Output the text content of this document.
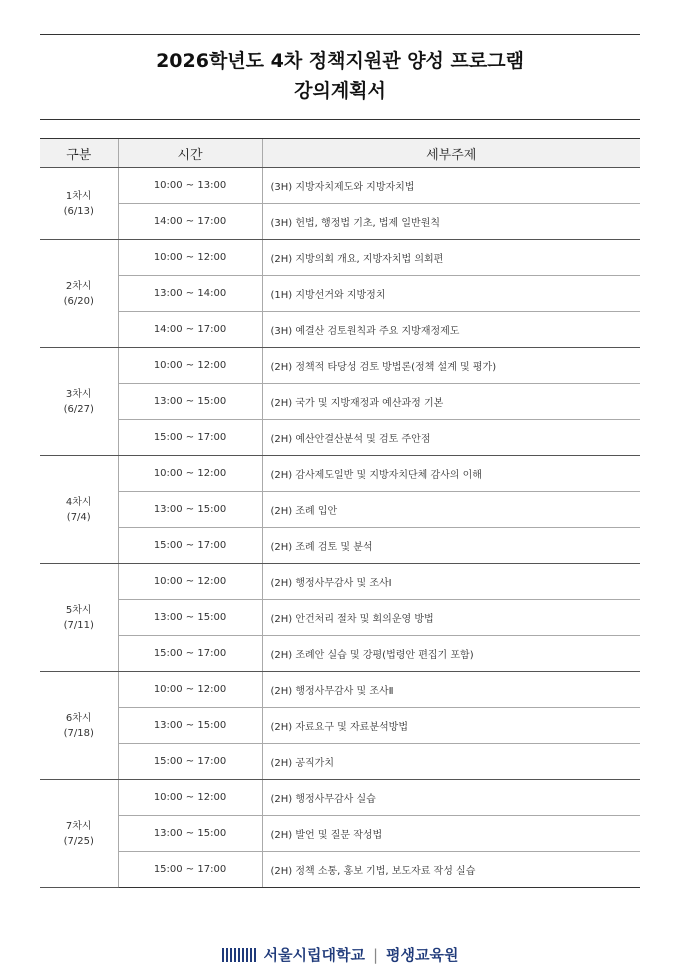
2026학년도 4차 정책지원관 양성 프로그램
강의계획서
구분	시간	세부주제

1차시
(6/13)	10:00 ~ 13:00	(3H) 지방자치제도와 지방자치법
	14:00 ~ 17:00	(3H) 헌법, 행정법 기초, 법제 일반원칙

2차시
(6/20)	10:00 ~ 12:00	(2H) 지방의회 개요, 지방자치법 의회편
	13:00 ~ 14:00	(1H) 지방선거와 지방정치
	14:00 ~ 17:00	(3H) 예결산 검토원칙과 주요 지방재정제도

3차시
(6/27)	10:00 ~ 12:00	(2H) 정책적 타당성 검토 방법론(정책 설계 및 평가)
	13:00 ~ 15:00	(2H) 국가 및 지방재정과 예산과정 기본
	15:00 ~ 17:00	(2H) 예산안결산분석 및 검토 주안점

4차시
(7/4)	10:00 ~ 12:00	(2H) 감사제도일반 및 지방자치단체 감사의 이해
	13:00 ~ 15:00	(2H) 조례 입안
	15:00 ~ 17:00	(2H) 조례 검토 및 분석

5차시
(7/11)	10:00 ~ 12:00	(2H) 행정사무감사 및 조사Ⅰ
	13:00 ~ 15:00	(2H) 안건처리 절차 및 회의운영 방법
	15:00 ~ 17:00	(2H) 조례안 실습 및 강평(법령안 편집기 포함)

6차시
(7/18)	10:00 ~ 12:00	(2H) 행정사무감사 및 조사Ⅱ
	13:00 ~ 15:00	(2H) 자료요구 및 자료분석방법
	15:00 ~ 17:00	(2H) 공직가치

7차시
(7/25)	10:00 ~ 12:00	(2H) 행정사무감사 실습
	13:00 ~ 15:00	(2H) 발언 및 질문 작성법
	15:00 ~ 17:00	(2H) 정책 소통, 홍보 기법, 보도자료 작성 실습
서울시립대학교 | 평생교육원
